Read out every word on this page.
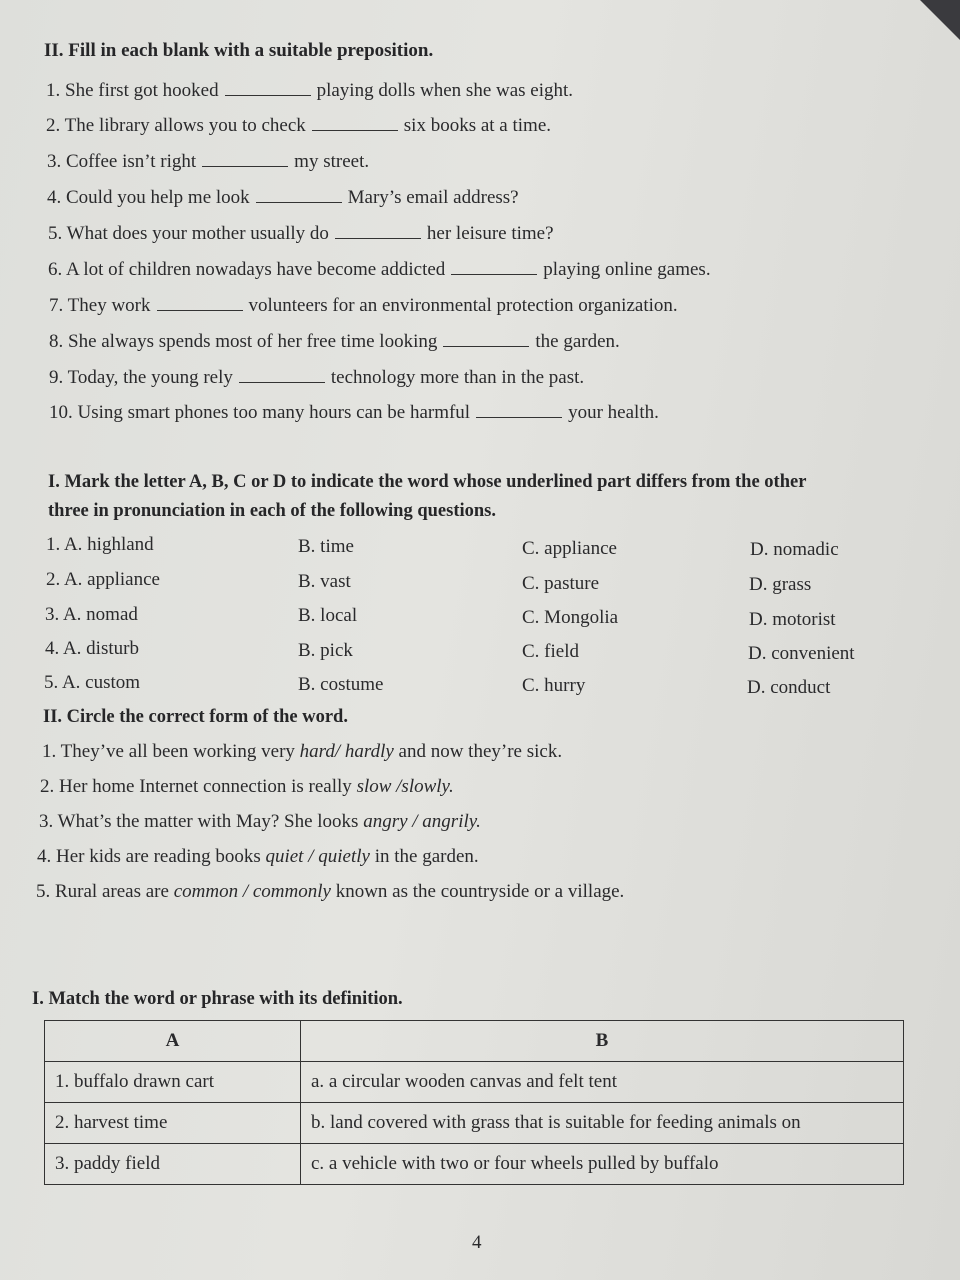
II. Fill in each blank with a suitable preposition.
1. She first got hooked	playing dolls when she was eight.
2. The library allows you to check	six books at a time.
3. Coffee isn’t right	my street.
4. Could you help me look	Mary’s email address?
5. What does your mother usually do	her leisure time?
6. A lot of children nowadays have become addicted	playing online games.
7. They work	volunteers for an environmental protection organization.
8. She always spends most of her free time looking	the garden.
9. Today, the young rely	technology more than in the past.
10. Using smart phones too many hours can be harmful	your health.
I. Mark the letter A, B, C or D to indicate the word whose underlined part differs from the other
three in pronunciation in each of the following questions.
1. A. highland	B. time	C. appliance	D. nomadic
2. A. appliance	B. vast	C. pasture	D. grass
3. A. nomad	B. local	C. Mongolia	D. motorist
4. A. disturb	B. pick	C. field	D. convenient
5. A. custom	B. costume	C. hurry	D. conduct
II. Circle the correct form of the word.
1. They’ve all been working very hard/ hardly and now they’re sick.
2. Her home Internet connection is really slow /slowly.
3. What’s the matter with May? She looks angry / angrily.
4. Her kids are reading books quiet / quietly in the garden.
5. Rural areas are common / commonly known as the countryside or a village.
I. Match the word or phrase with its definition.
A	B
1. buffalo drawn cart	a. a circular wooden canvas and felt tent
2. harvest time	b. land covered with grass that is suitable for feeding animals on
3. paddy field	c. a vehicle with two or four wheels pulled by buffalo
4
